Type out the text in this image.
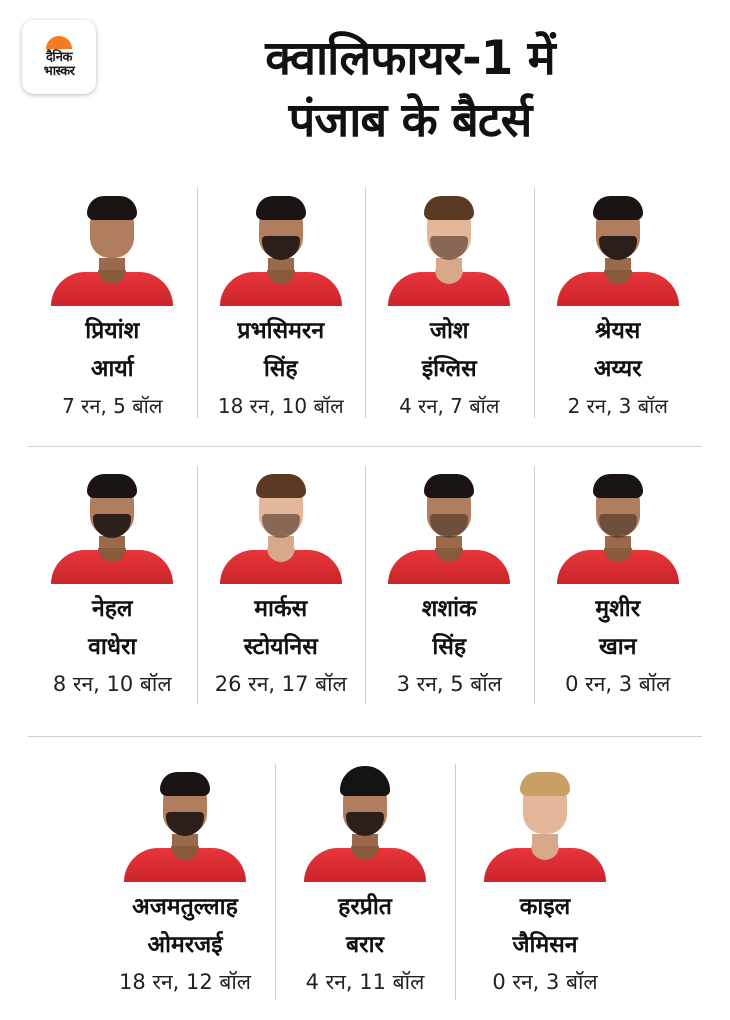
दैनिक
भास्कर	क्वालिफायर-1 में
पंजाब के बैटर्स
प्रियांश
आर्या
7 रन, 5 बॉल
प्रभसिमरन
सिंह
18 रन, 10 बॉल
जोश
इंग्लिस
4 रन, 7 बॉल
श्रेयस
अय्यर
2 रन, 3 बॉल
नेहल
वाधेरा
8 रन, 10 बॉल
मार्कस
स्टोयनिस
26 रन, 17 बॉल
शशांक
सिंह
3 रन, 5 बॉल
मुशीर
खान
0 रन, 3 बॉल
अजमतुल्लाह
ओमरजई
18 रन, 12 बॉल
हरप्रीत
बरार
4 रन, 11 बॉल
काइल
जैमिसन
0 रन, 3 बॉल
